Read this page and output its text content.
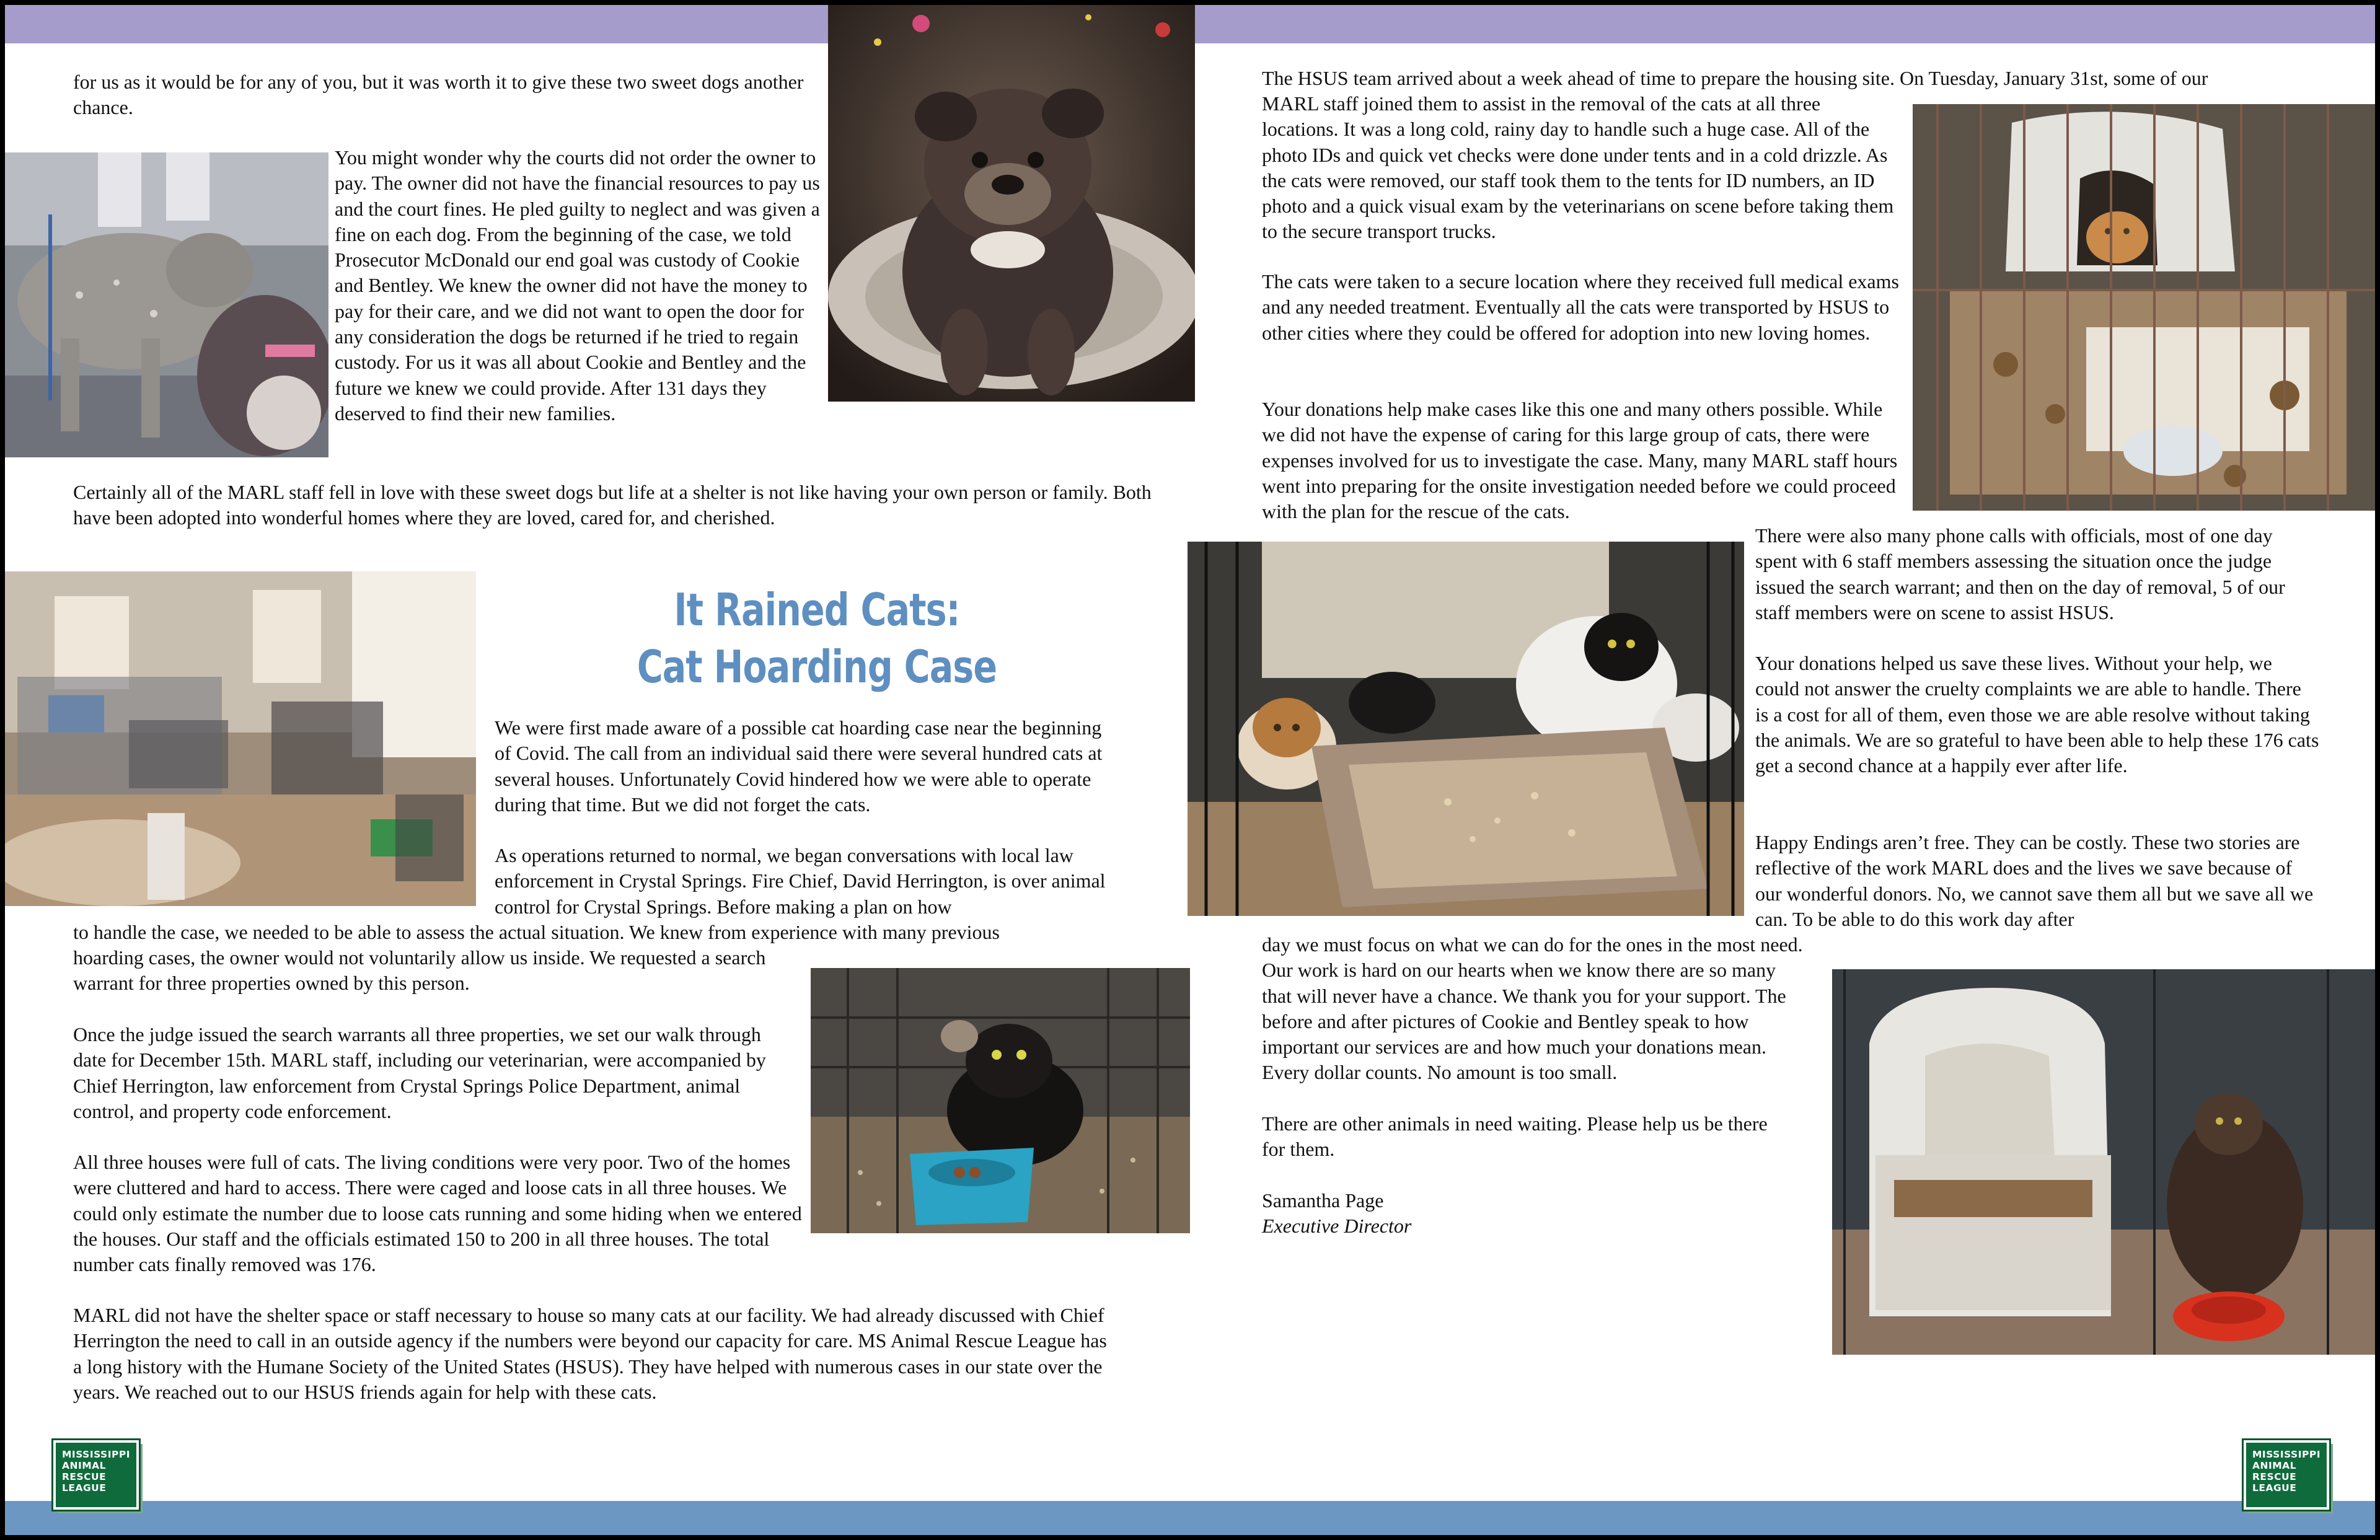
for us as it would be for any of you, but it was worth it to give these two sweet dogs another chance.
You might wonder why the courts did not order the owner to pay. The owner did not have the financial resources to pay us and the court fines. He pled guilty to neglect and was given a fine on each dog. From the beginning of the case, we told Prosecutor McDonald our end goal was custody of Cookie and Bentley. We knew the owner did not have the money to pay for their care, and we did not want to open the door for any consideration the dogs be returned if he tried to regain custody. For us it was all about Cookie and Bentley and the future we knew we could provide. After 131 days they deserved to find their new families.
Certainly all of the MARL staff fell in love with these sweet dogs but life at a shelter is not like having your own person or family. Both have been adopted into wonderful homes where they are loved, cared for, and cherished.
It Rained Cats:
Cat Hoarding Case
We were first made aware of a possible cat hoarding case near the beginning of Covid. The call from an individual said there were several hundred cats at several houses. Unfortunately Covid hindered how we were able to operate during that time. But we did not forget the cats.
As operations returned to normal, we began conversations with local law enforcement in Crystal Springs. Fire Chief, David Herrington, is over animal control for Crystal Springs. Before making a plan on how
to handle the case, we needed to be able to assess the actual situation. We knew from experience with many previous
hoarding cases, the owner would not voluntarily allow us inside. We requested a search warrant for three properties owned by this person.
Once the judge issued the search warrants all three properties, we set our walk through date for December 15th. MARL staff, including our veterinarian, were accompanied by Chief Herrington, law enforcement from Crystal Springs Police Department, animal control, and property code enforcement.
All three houses were full of cats. The living conditions were very poor. Two of the homes were cluttered and hard to access. There were caged and loose cats in all three houses. We could only estimate the number due to loose cats running and some hiding when we entered the houses. Our staff and the officials estimated 150 to 200 in all three houses. The total number cats finally removed was 176.
MARL did not have the shelter space or staff necessary to house so many cats at our facility. We had already discussed with Chief Herrington the need to call in an outside agency if the numbers were beyond our capacity for care. MS Animal Rescue League has a long history with the Humane Society of the United States (HSUS). They have helped with numerous cases in our state over the years. We reached out to our HSUS friends again for help with these cats.
The HSUS team arrived about a week ahead of time to prepare the housing site. On Tuesday, January 31st, some of our
MARL staff joined them to assist in the removal of the cats at all three locations. It was a long cold, rainy day to handle such a huge case. All of the photo IDs and quick vet checks were done under tents and in a cold drizzle. As the cats were removed, our staff took them to the tents for ID numbers, an ID photo and a quick visual exam by the veterinarians on scene before taking them to the secure transport trucks.
The cats were taken to a secure location where they received full medical exams and any needed treatment. Eventually all the cats were transported by HSUS to other cities where they could be offered for adoption into new loving homes.
Your donations help make cases like this one and many others possible. While we did not have the expense of caring for this large group of cats, there were expenses involved for us to investigate the case. Many, many MARL staff hours went into preparing for the onsite investigation needed before we could proceed with the plan for the rescue of the cats.
There were also many phone calls with officials, most of one day spent with 6 staff members assessing the situation once the judge issued the search warrant; and then on the day of removal, 5 of our staff members were on scene to assist HSUS.
Your donations helped us save these lives. Without your help, we could not answer the cruelty complaints we are able to handle. There is a cost for all of them, even those we are able resolve without taking the animals. We are so grateful to have been able to help these 176 cats get a second chance at a happily ever after life.
Happy Endings aren’t free. They can be costly. These two stories are reflective of the work MARL does and the lives we save because of our wonderful donors. No, we cannot save them all but we save all we can. To be able to do this work day after
day we must focus on what we can do for the ones in the most need. Our work is hard on our hearts when we know there are so many that will never have a chance. We thank you for your support. The before and after pictures of Cookie and Bentley speak to how important our services are and how much your donations mean. Every dollar counts. No amount is too small.
There are other animals in need waiting. Please help us be there for them.
Samantha Page
Executive Director
MISSISSIPPI
ANIMAL
RESCUE
LEAGUE
MISSISSIPPI
ANIMAL
RESCUE
LEAGUE
